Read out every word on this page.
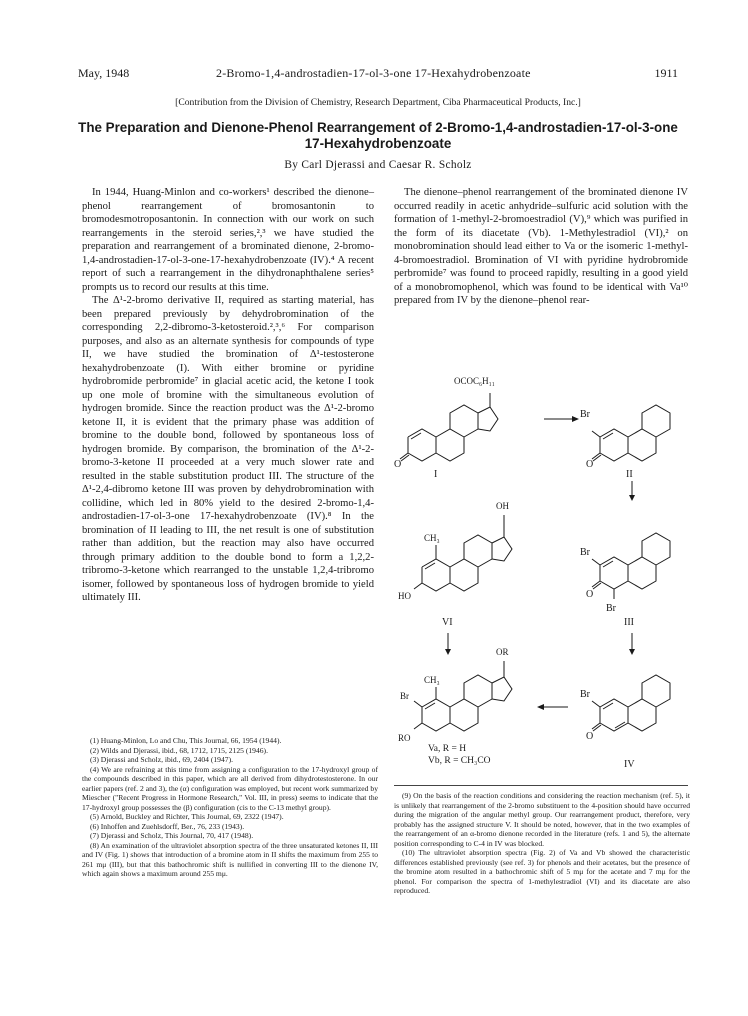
May, 1948	2-Bromo-1,4-androstadien-17-ol-3-one 17-Hexahydrobenzoate	1911
[Contribution from the Division of Chemistry, Research Department, Ciba Pharmaceutical Products, Inc.]
The Preparation and Dienone-Phenol Rearrangement of 2-Bromo-1,4-androstadien-17-ol-3-one 17-Hexahydrobenzoate
By Carl Djerassi and Caesar R. Scholz

In 1944, Huang-Minlon and co-workers¹ described the dienone–phenol rearrangement of bromosantonin to bromodesmotroposantonin. In connection with our work on such rearrangements in the steroid series,²,³ we have studied the preparation and rearrangement of a brominated dienone, 2-bromo-1,4-androstadien-17-ol-3-one-17-hexahydrobenzoate (IV).⁴ A recent report of such a rearrangement in the dihydronaphthalene series⁵ prompts us to record our results at this time.

The Δ¹-2-bromo derivative II, required as starting material, has been prepared previously by dehydrobromination of the corresponding 2,2-dibromo-3-ketosteroid.²,³,⁶ For comparison purposes, and also as an alternate synthesis for compounds of type II, we have studied the bromination of Δ¹-testosterone hexahydrobenzoate (I). With either bromine or pyridine hydrobromide perbromide⁷ in glacial acetic acid, the ketone I took up one mole of bromine with the simultaneous evolution of hydrogen bromide. Since the reaction product was the Δ¹-2-bromo ketone II, it is evident that the primary phase was addition of bromine to the double bond, followed by spontaneous loss of hydrogen bromide. By comparison, the bromination of the Δ¹-2-bromo-3-ketone II proceeded at a very much slower rate and resulted in the stable substitution product III. The structure of the Δ¹-2,4-dibromo ketone III was proven by dehydrobromination with collidine, which led in 80% yield to the desired 2-bromo-1,4-androstadien-17-ol-3-one 17-hexahydrobenzoate (IV).⁸ In the bromination of II leading to III, the net result is one of substitution rather than addition, but the reaction may also have occurred through primary addition to the double bond to form a 1,2,2-tribromo-3-ketone which rearranged to the unstable 1,2,4-tribromo isomer, followed by spontaneous loss of hydrogen bromide to yield ultimately III.

The dienone–phenol rearrangement of the brominated dienone IV occurred readily in acetic anhydride–sulfuric acid solution with the formation of 1-methyl-2-bromoestradiol (V),⁹ which was purified in the form of its diacetate (Vb). 1-Methylestradiol (VI),² on monobromination should lead either to Va or the isomeric 1-methyl-4-bromoestradiol. Bromination of VI with pyridine hydrobromide perbromide⁷ was found to proceed rapidly, resulting in a good yield of a monobromophenol, which was found to be identical with Va¹⁰ prepared from IV by the dienone–phenol rear-

OCOC₆H₁₁
O
I
Br
O
II
OH
CH₃
HO
VI
Br
O
Br
III
OR
CH₃
Br
RO
Va, R = H
Vb, R = CH₃CO
Br
O
IV

(1) Huang-Minlon, Lo and Chu, This Journal, 66, 1954 (1944).

(2) Wilds and Djerassi, ibid., 68, 1712, 1715, 2125 (1946).

(3) Djerassi and Scholz, ibid., 69, 2404 (1947).

(4) We are refraining at this time from assigning a configuration to the 17-hydroxyl group of the compounds described in this paper, which are all derived from dihydrotestosterone. In our earlier papers (ref. 2 and 3), the (α) configuration was employed, but recent work summarized by Miescher ("Recent Progress in Hormone Research," Vol. III, in press) seems to indicate that the 17-hydroxyl group possesses the (β) configuration (cis to the C-13 methyl group).

(5) Arnold, Buckley and Richter, This Journal, 69, 2322 (1947).

(6) Inhoffen and Zuehlsdorff, Ber., 76, 233 (1943).

(7) Djerassi and Scholz, This Journal, 70, 417 (1948).

(8) An examination of the ultraviolet absorption spectra of the three unsaturated ketones II, III and IV (Fig. 1) shows that introduction of a bromine atom in II shifts the maximum from 255 to 261 mμ (III), but that this bathochromic shift is nullified in converting III to the dienone IV, which again shows a maximum around 255 mμ.

(9) On the basis of the reaction conditions and considering the reaction mechanism (ref. 5), it is unlikely that rearrangement of the 2-bromo substituent to the 4-position should have occurred during the migration of the angular methyl group. Our rearrangement product, therefore, very probably has the assigned structure V. It should be noted, however, that in the two examples of the rearrangement of an α-bromo dienone recorded in the literature (refs. 1 and 5), the alternate position corresponding to C-4 in IV was blocked.

(10) The ultraviolet absorption spectra (Fig. 2) of Va and Vb showed the characteristic differences established previously (see ref. 3) for phenols and their acetates, but the presence of the bromine atom resulted in a bathochromic shift of 5 mμ for the acetate and 7 mμ for the phenol. For comparison the spectra of 1-methylestradiol (VI) and its diacetate are also reproduced.
